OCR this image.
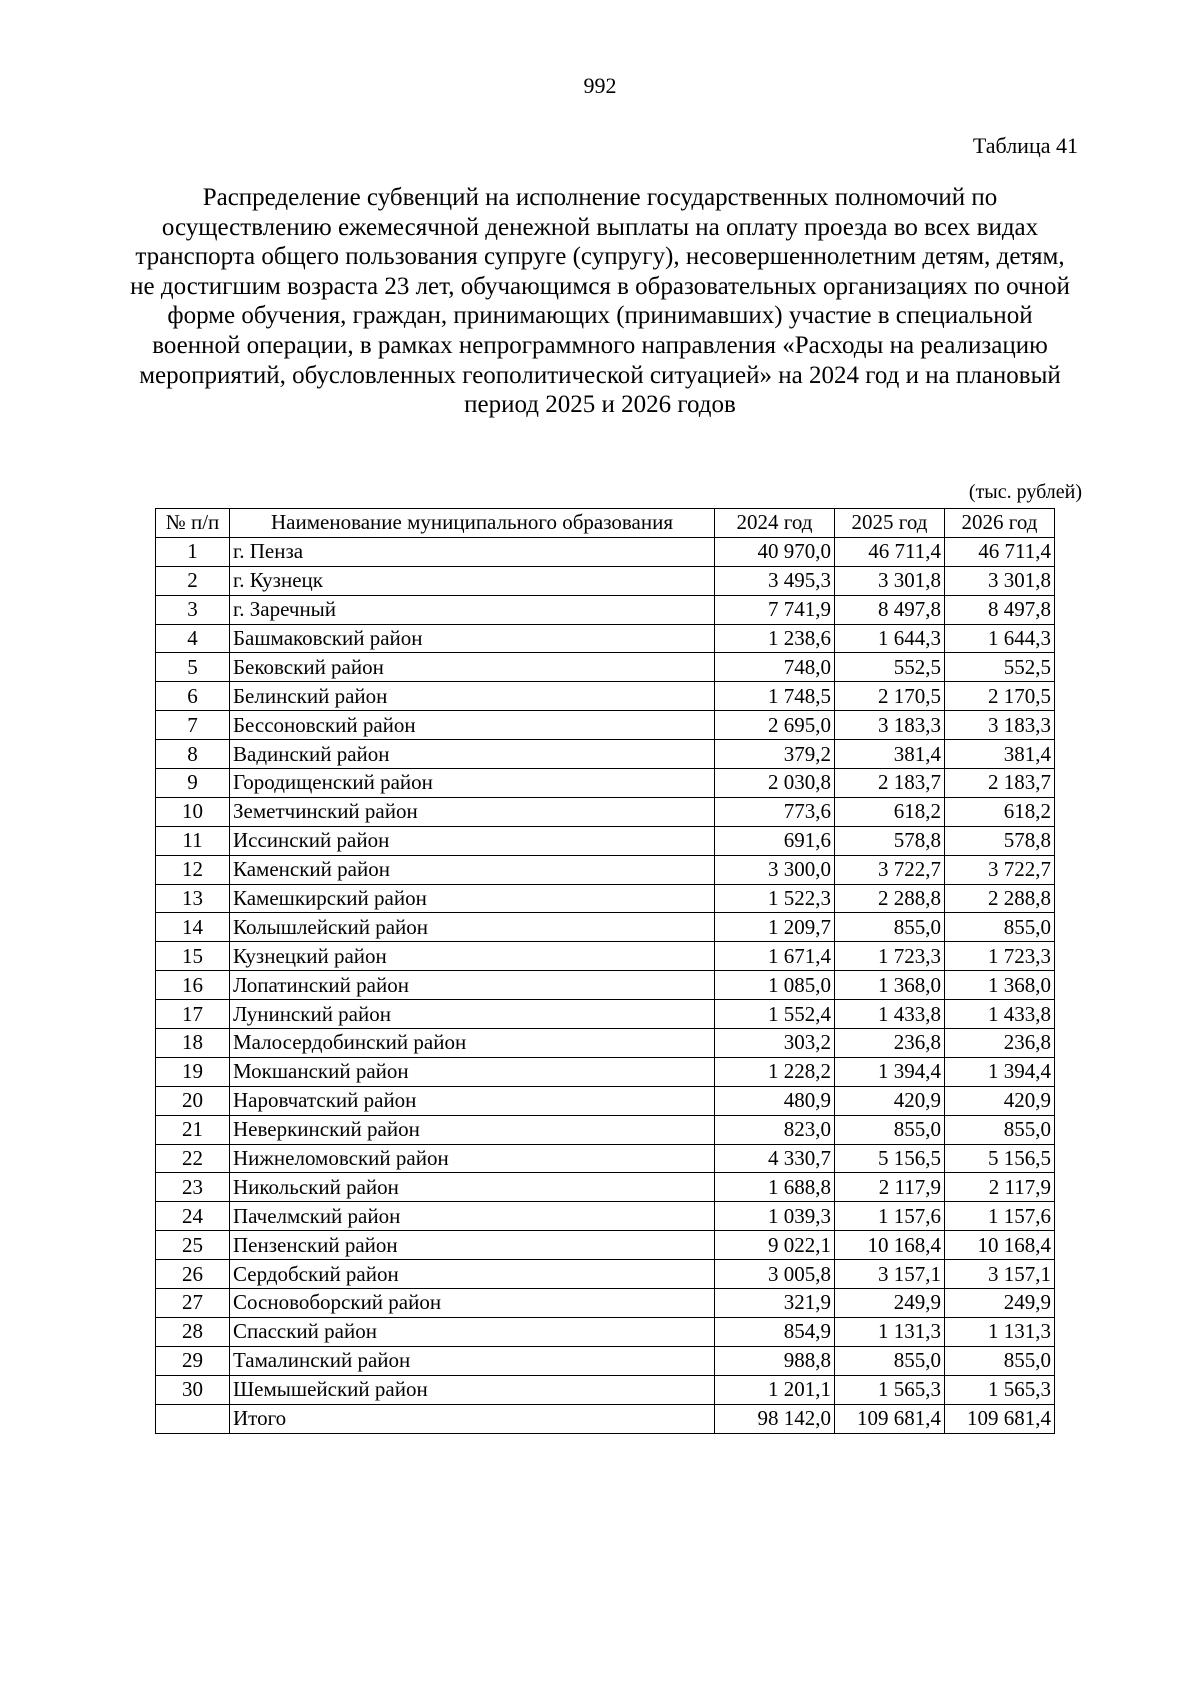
992
Таблица 41
Распределение субвенций на исполнение государственных полномочий по осуществлению ежемесячной денежной выплаты на оплату проезда во всех видах транспорта общего пользования супруге (супругу), несовершеннолетним детям, детям, не достигшим возраста 23 лет, обучающимся в образовательных организациях по очной форме обучения, граждан, принимающих (принимавших) участие в специальной военной операции, в рамках непрограммного направления «Расходы на реализацию мероприятий, обусловленных геополитической ситуацией» на 2024 год и на плановый период 2025 и 2026 годов
(тыс. рублей)
№ п/п	Наименование муниципального образования	2024 год	2025 год	2026 год
1	г. Пенза	40 970,0	46 711,4	46 711,4
2	г. Кузнецк	3 495,3	3 301,8	3 301,8
3	г. Заречный	7 741,9	8 497,8	8 497,8
4	Башмаковский район	1 238,6	1 644,3	1 644,3
5	Бековский район	748,0	552,5	552,5
6	Белинский район	1 748,5	2 170,5	2 170,5
7	Бессоновский район	2 695,0	3 183,3	3 183,3
8	Вадинский район	379,2	381,4	381,4
9	Городищенский район	2 030,8	2 183,7	2 183,7
10	Земетчинский район	773,6	618,2	618,2
11	Иссинский район	691,6	578,8	578,8
12	Каменский район	3 300,0	3 722,7	3 722,7
13	Камешкирский район	1 522,3	2 288,8	2 288,8
14	Колышлейский район	1 209,7	855,0	855,0
15	Кузнецкий район	1 671,4	1 723,3	1 723,3
16	Лопатинский район	1 085,0	1 368,0	1 368,0
17	Лунинский район	1 552,4	1 433,8	1 433,8
18	Малосердобинский район	303,2	236,8	236,8
19	Мокшанский район	1 228,2	1 394,4	1 394,4
20	Наровчатский район	480,9	420,9	420,9
21	Неверкинский район	823,0	855,0	855,0
22	Нижнеломовский район	4 330,7	5 156,5	5 156,5
23	Никольский район	1 688,8	2 117,9	2 117,9
24	Пачелмский район	1 039,3	1 157,6	1 157,6
25	Пензенский район	9 022,1	10 168,4	10 168,4
26	Сердобский район	3 005,8	3 157,1	3 157,1
27	Сосновоборский район	321,9	249,9	249,9
28	Спасский район	854,9	1 131,3	1 131,3
29	Тамалинский район	988,8	855,0	855,0
30	Шемышейский район	1 201,1	1 565,3	1 565,3
	Итого	98 142,0	109 681,4	109 681,4
